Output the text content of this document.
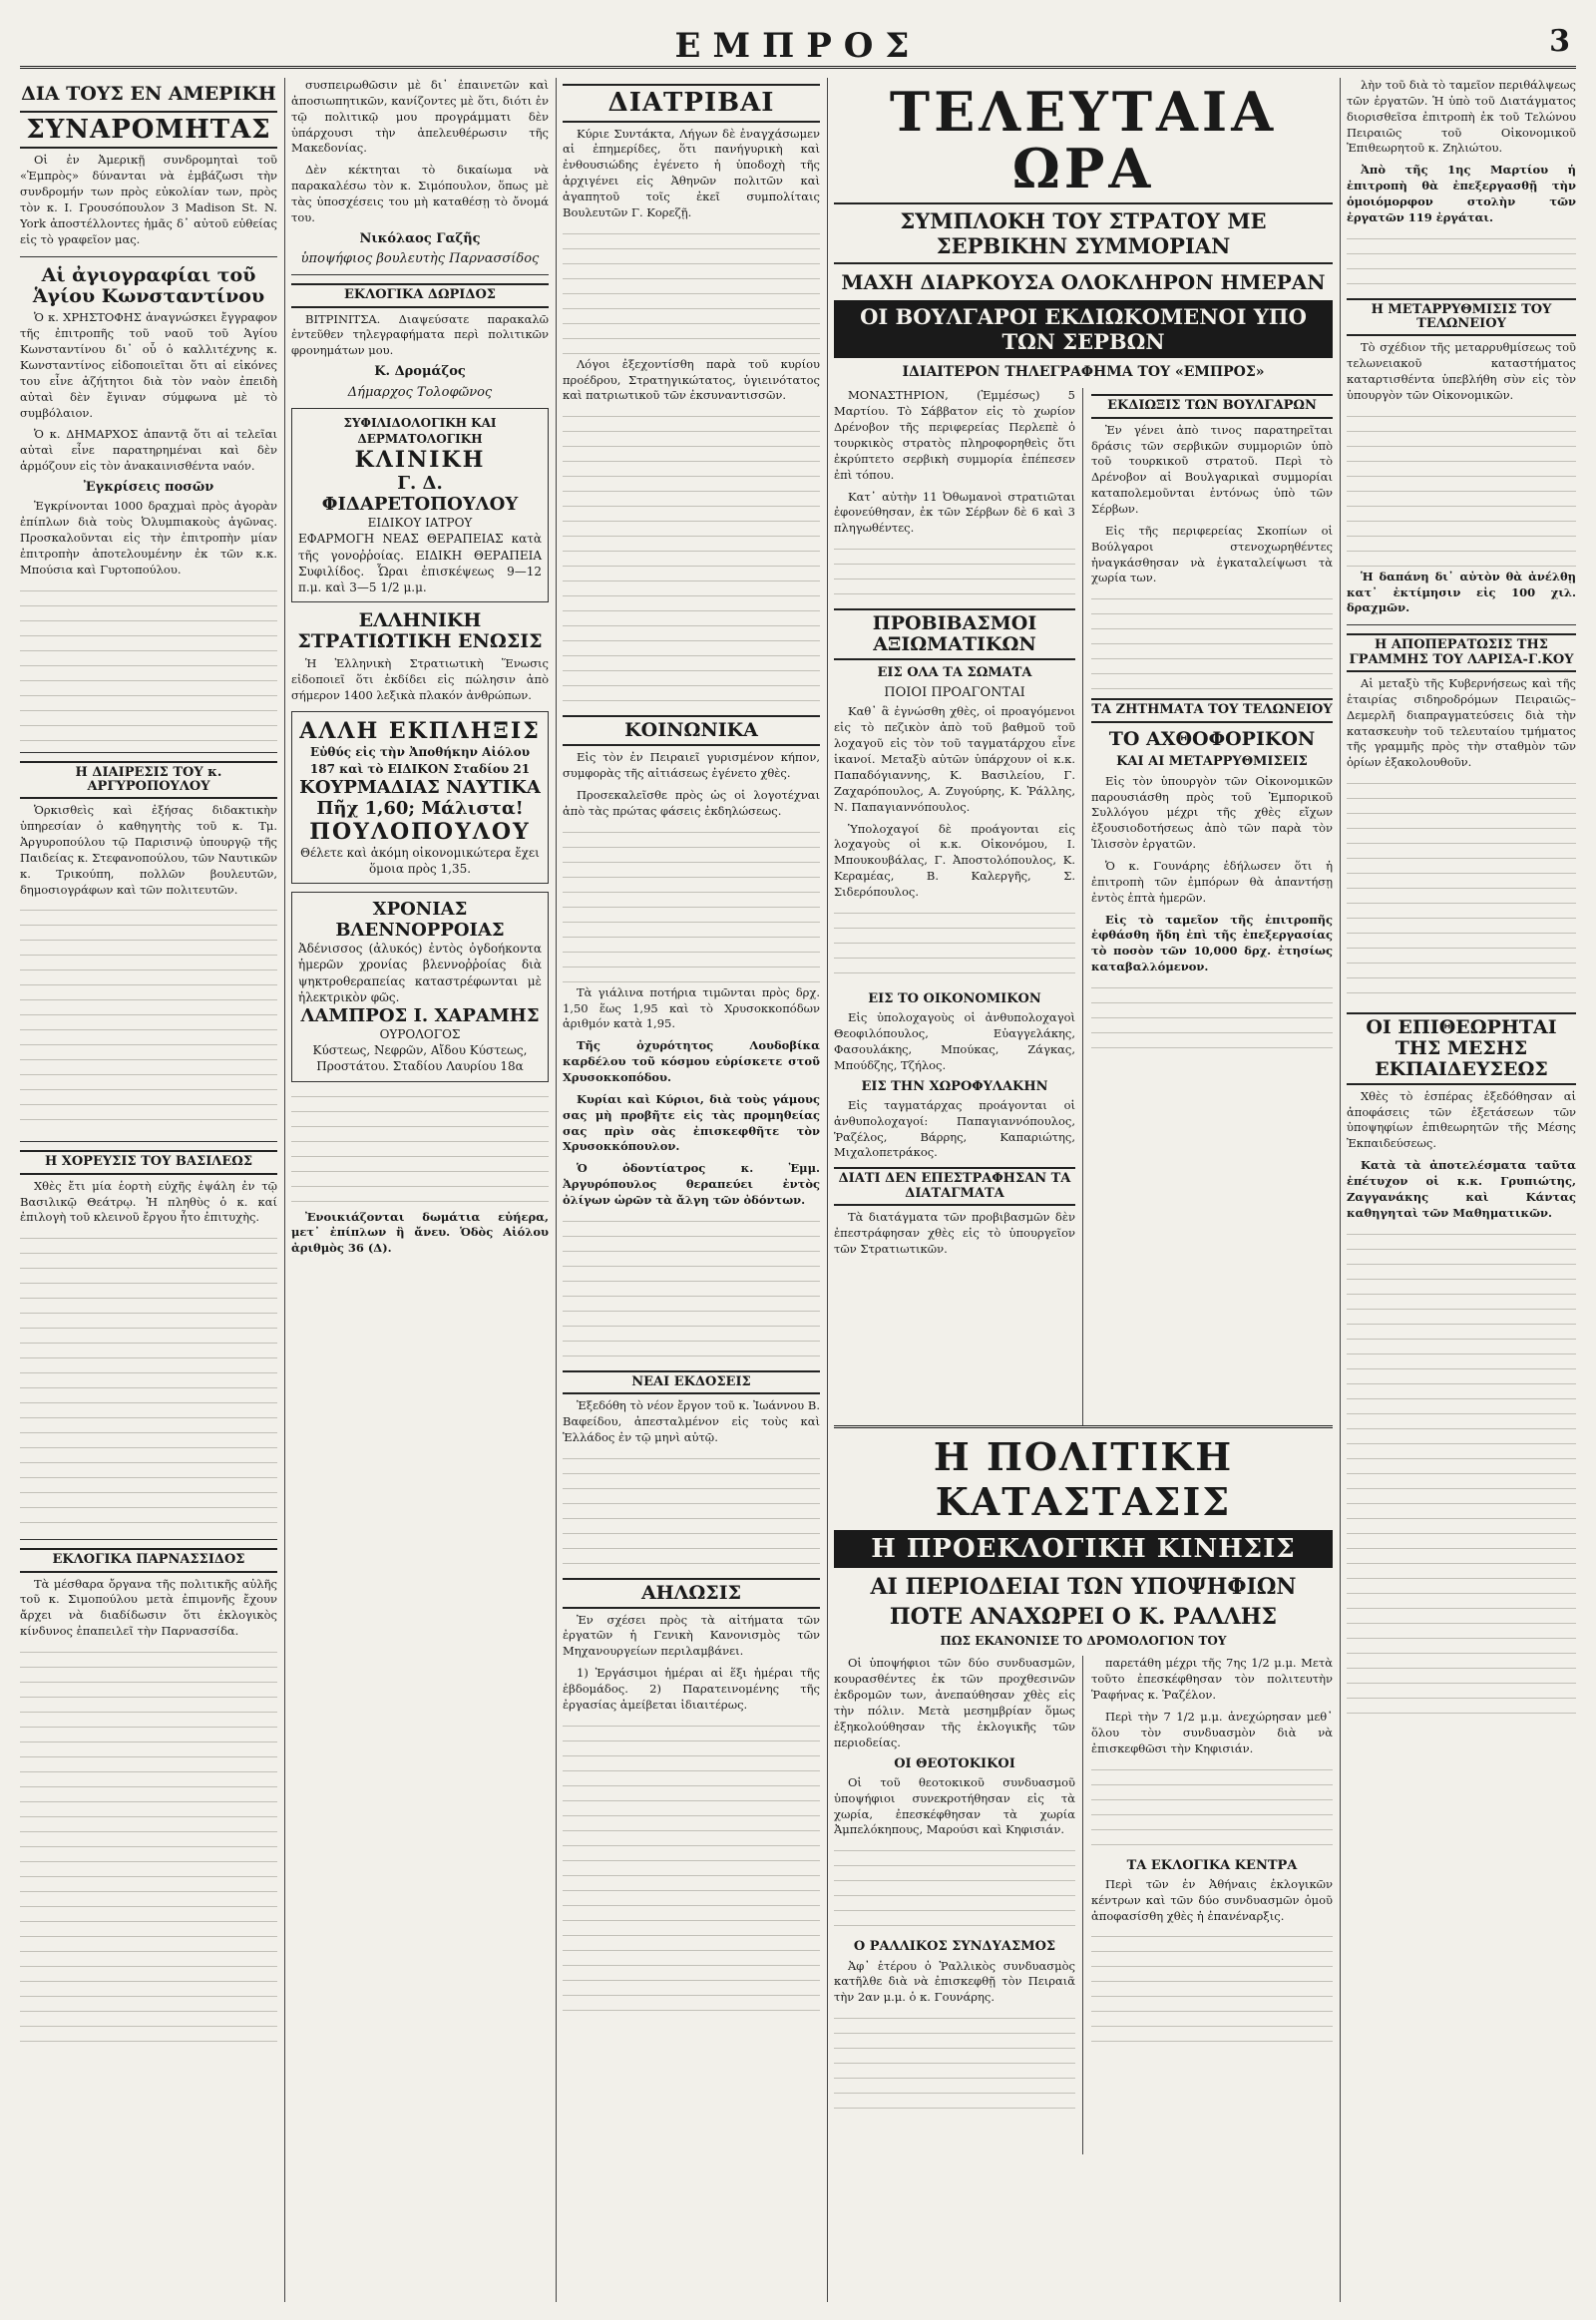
ΕΜΠΡΟΣ	3
ΔΙΑ ΤΟΥΣ ΕΝ ΑΜΕΡΙΚΗ
ΣΥΝΑΡΟΜΗΤΑΣ

Οἱ ἐν Ἀμερικῇ συνδρομηταὶ τοῦ «Ἐμπρὸς» δύνανται νὰ ἐμβάζωσι τὴν συνδρομήν των πρὸς εὐκολίαν των, πρὸς τὸν κ. Ι. Γρουσόπουλον 3 Madison St. N. York ἀποστέλλοντες ἡμᾶς δ᾽ αὐτοῦ εὐθείας εἰς τὸ γραφεῖον μας.

Αἱ ἀγιογραφίαι τοῦ Ἁγίου Κωνσταντίνου

Ὁ κ. ΧΡΗΣΤΟΦΗΣ ἀναγνώσκει ἔγγραφον τῆς ἐπιτροπῆς τοῦ ναοῦ τοῦ Ἁγίου Κωνσταντίνου δι᾽ οὗ ὁ καλλιτέχνης κ. Κωνσταντίνος εἰδοποιεῖται ὅτι αἱ εἰκόνες του εἶνε ἀζήτητοι διὰ τὸν ναὸν ἐπειδὴ αὐταὶ δὲν ἔγιναν σύμφωνα μὲ τὸ συμβόλαιον.

Ὁ κ. ΔΗΜΑΡΧΟΣ ἀπαντᾷ ὅτι αἱ τελεῖαι αὐταὶ εἶνε παρατηρημέναι καὶ δὲν ἁρμόζουν εἰς τὸν ἀνακαινισθέντα ναόν.

Ἐγκρίσεις ποσῶν

Ἐγκρίνονται 1000 δραχμαὶ πρὸς ἀγορὰν ἐπίπλων διὰ τοὺς Ὀλυμπιακοὺς ἀγῶνας. Προσκαλοῦνται εἰς τὴν ἐπιτροπὴν μίαν ἐπιτροπὴν ἀποτελουμένην ἐκ τῶν κ.κ. Μπούσια καὶ Γυρτοπούλου.

Η ΔΙΑΙΡΕΣΙΣ ΤΟΥ κ. ΑΡΓΥΡΟΠΟΥΛΟΥ

Ὁρκισθεὶς καὶ ἐξήσας διδακτικὴν ὑπηρεσίαν ὁ καθηγητὴς τοῦ κ. Τμ. Ἀργυροπούλου τῷ Παρισινῷ ὑπουργῷ τῆς Παιδείας κ. Στεφανοπούλου, τῶν Ναυτικῶν κ. Τρικούπη, πολλῶν βουλευτῶν, δημοσιογράφων καὶ τῶν πολιτευτῶν.

Η ΧΟΡΕΥΣΙΣ ΤΟΥ ΒΑΣΙΛΕΩΣ

Χθὲς ἔτι μία ἑορτὴ εὐχῆς ἐψάλη ἐν τῷ Βασιλικῷ Θεάτρῳ. Ἡ πληθὺς ὁ κ. καί ἐπιλογὴ τοῦ κλεινοῦ ἔργου ἦτο ἐπιτυχὴς.

ΕΚΛΟΓΙΚΑ ΠΑΡΝΑΣΣΙΔΟΣ

Τὰ μέσθαρα ὄργανα τῆς πολιτικῆς αὐλῆς τοῦ κ. Σιμοπούλου μετὰ ἐπιμονῆς ἔχουν ἄρχει νὰ διαδίδωσιν ὅτι ἐκλογικὸς κίνδυνος ἐπαπειλεῖ τὴν Παρνασσίδα.

συσπειρωθῶσιν μὲ δι᾽ ἐπαινετῶν καὶ ἀποσιωπητικῶν, κανίζοντες μὲ ὅτι, διότι ἐν τῷ πολιτικῷ μου προγράμματι δὲν ὑπάρχουσι τὴν ἀπελευθέρωσιν τῆς Μακεδονίας.

Δὲν κέκτηται τὸ δικαίωμα νὰ παρακαλέσω τὸν κ. Σιμόπουλον, ὅπως μὲ τὰς ὑποσχέσεις του μὴ καταθέσῃ τὸ ὄνομά του.

Νικόλαος Γαζῆς
ὑποψήφιος βουλευτὴς Παρνασσίδος
ΕΚΛΟΓΙΚΑ ΔΩΡΙΔΟΣ

ΒΙΤΡΙΝΙΤΣΑ. Διαψεύσατε παρακαλῶ ἐντεῦθεν τηλεγραφήματα περὶ πολιτικῶν φρονημάτων μου.

Κ. Δρομάζος
Δήμαρχος Τολοφῶνος
ΣΥΦΙΛΙΔΟΛΟΓΙΚΗ ΚΑΙ ΔΕΡΜΑΤΟΛΟΓΙΚΗ
ΚΛΙΝΙΚΗ
Γ. Δ. ΦΙΔΑΡΕΤΟΠΟΥΛΟΥ
ΕΙΔΙΚΟΥ ΙΑΤΡΟΥ
ΕΦΑΡΜΟΓΗ ΝΕΑΣ ΘΕΡΑΠΕΙΑΣ κατὰ τῆς γονοῤῥοίας. ΕΙΔΙΚΗ ΘΕΡΑΠΕΙΑ Συφιλίδος. Ὧραι ἐπισκέψεως 9—12 π.μ. καὶ 3—5 1/2 μ.μ.
ΕΛΛΗΝΙΚΗ ΣΤΡΑΤΙΩΤΙΚΗ ΕΝΩΣΙΣ

Ἡ Ἑλληνικὴ Στρατιωτικὴ Ἕνωσις εἰδοποιεῖ ὅτι ἐκδίδει εἰς πώλησιν ἀπὸ σήμερον 1400 λεξικὰ πλακόν ἀνθρώπων.

ΑΛΛΗ ΕΚΠΛΗΞΙΣ
Εὐθύς εἰς τὴν Ἀποθήκην Αἰόλου 187 καὶ τὸ ΕΙΔΙΚΟΝ Σταδίου 21
ΚΟΥΡΜΑΔΙΑΣ ΝΑΥΤΙΚΑ
Πῆχ 1,60; Μάλιστα!
ΠΟΥΛΟΠΟΥΛΟΥ
Θέλετε καὶ ἀκόμη οἰκονομικώτερα ἔχει ὅμοια πρὸς 1,35.
ΧΡΟΝΙΑΣ ΒΛΕΝΝΟΡΡΟΙΑΣ
Ἀδένισσος (ἀλυκός) ἐντὸς ὀγδοήκοντα ἡμερῶν χρονίας βλεννοῤῥοίας διὰ ψηκτροθεραπείας καταστρέφωνται μὲ ἠλεκτρικὸν φῶς.
ΛΑΜΠΡΟΣ Ι. ΧΑΡΑΜΗΣ
ΟΥΡΟΛΟΓΟΣ
Κύστεως, Νεφρῶν, Αἴδου Κύστεως, Προστάτου. Σταδίου Λαυρίου 18α

Ἐνοικιάζονται δωμάτια εὐήερα, μετ᾽ ἐπίπλων ἢ ἄνευ. Ὁδὸς Αἰόλου ἀριθμὸς 36 (Δ).

ΔΙΑΤΡΙΒΑΙ

Κύριε Συντάκτα, Λήγων δὲ ἐναγχάσωμεν αἱ ἐπημερίδες, ὅτι πανήγυρικὴ καὶ ἐνθουσιώδης ἐγένετο ἡ ὑποδοχὴ τῆς ἀρχιγένει εἰς Ἀθηνῶν πολιτῶν καὶ ἀγαπητοῦ τοῖς ἐκεῖ συμπολίταις Βουλευτῶν Γ. Κορεζῇ.

Λόγοι ἐξεχοντίσθη παρὰ τοῦ κυρίου προέδρου, Στρατηγικώτατος, ὑγιεινότατος καὶ πατριωτικοῦ τῶν ἐκσυναντισσῶν.

ΚΟΙΝΩΝΙΚΑ

Εἰς τὸν ἐν Πειραιεῖ γυρισμένον κήπον, συμφορὰς τῆς αἰτιάσεως ἐγένετο χθὲς.

Προσεκαλεῖσθε πρὸς ὡς οἱ λογοτέχναι ἀπὸ τὰς πρώτας φάσεις ἐκδηλώσεως.

Τὰ γιάλινα ποτήρια τιμῶνται πρὸς δρχ. 1,50 ἕως 1,95 καὶ τὸ Χρυσοκκοπόδων ἀριθμόν κατὰ 1,95.

Τῆς ὀχυρότητος Λουδοβίκα καρδέλου τοῦ κόσμου εὑρίσκετε στοῦ Χρυσοκκοπόδου.

Κυρίαι καὶ Κύριοι, διὰ τοὺς γάμους σας μὴ προβῆτε εἰς τὰς προμηθείας σας πρὶν σὰς ἐπισκεφθῆτε τὸν Χρυσοκκόπουλον.

Ὁ ὀδοντίατρος κ. Ἐμμ. Ἀργυρόπουλος θεραπεύει ἐντὸς ὀλίγων ὡρῶν τὰ ἄλγη τῶν ὀδόντων.

ΝΕΑΙ ΕΚΔΟΣΕΙΣ

Ἐξεδόθη τὸ νέον ἔργον τοῦ κ. Ἰωάννου Β. Βαφείδου, ἀπεσταλμένον εἰς τοὺς καὶ Ἑλλάδος ἐν τῷ μηνὶ αὐτῷ.

ΑΗΛΩΣΙΣ

Ἐν σχέσει πρὸς τὰ αἰτήματα τῶν ἐργατῶν ἡ Γενικὴ Κανονισμὸς τῶν Μηχανουργείων περιλαμβάνει.

1) Ἐργάσιμοι ἡμέραι αἱ ἕξι ἡμέραι τῆς ἑβδομάδος. 2) Παρατεινομένης τῆς ἐργασίας ἀμείβεται ἰδιαιτέρως.

ΤΕΛΕΥΤΑΙΑ ΩΡΑ
ΣΥΜΠΛΟΚΗ ΤΟΥ ΣΤΡΑΤΟΥ ΜΕ ΣΕΡΒΙΚΗΝ ΣΥΜΜΟΡΙΑΝ
ΜΑΧΗ ΔΙΑΡΚΟΥΣΑ ΟΛΟΚΛΗΡΟΝ ΗΜΕΡΑΝ
ΟΙ ΒΟΥΛΓΑΡΟΙ ΕΚΔΙΩΚΟΜΕΝΟΙ ΥΠΟ ΤΩΝ ΣΕΡΒΩΝ
ΙΔΙΑΙΤΕΡΟΝ ΤΗΛΕΓΡΑΦΗΜΑ ΤΟΥ «ΕΜΠΡΟΣ»

ΜΟΝΑΣΤΗΡΙΟΝ, (Ἐμμέσως) 5 Μαρτίου. Τὸ Σάββατον εἰς τὸ χωρίον Δρένοβον τῆς περιφερείας Περλεπὲ ὁ τουρκικὸς στρατὸς πληροφορηθεὶς ὅτι ἐκρύπτετο σερβικὴ συμμορία ἐπέπεσεν ἐπὶ τόπου.

Κατ᾽ αὐτὴν 11 Ὀθωμανοὶ στρατιῶται ἐφονεύθησαν, ἐκ τῶν Σέρβων δὲ 6 καὶ 3 πληγωθέντες.

ΠΡΟΒΙΒΑΣΜΟΙ ΑΞΙΩΜΑΤΙΚΩΝ
ΕΙΣ ΟΛΑ ΤΑ ΣΩΜΑΤΑ
ΠΟΙΟΙ ΠΡΟΑΓΟΝΤΑΙ

Καθ᾽ ἃ ἐγνώσθη χθὲς, οἱ προαγόμενοι εἰς τὸ πεζικὸν ἀπὸ τοῦ βαθμοῦ τοῦ λοχαγοῦ εἰς τὸν τοῦ ταγματάρχου εἶνε ἱκανοί. Μεταξὺ αὐτῶν ὑπάρχουν οἱ κ.κ. Παπαδόγιαννης, Κ. Βασιλείου, Γ. Ζαχαρόπουλος, Α. Ζυγούρης, Κ. Ῥάλλης, Ν. Παπαγιαννόπουλος.

Ὑπολοχαγοί δὲ προάγονται εἰς λοχαγοὺς οἱ κ.κ. Οἰκονόμου, Ι. Μπουκουβάλας, Γ. Ἀποστολόπουλος, Κ. Κεραμέας, Β. Καλεργῆς, Σ. Σιδερόπουλος.

ΕΙΣ ΤΟ ΟΙΚΟΝΟΜΙΚΟΝ

Εἰς ὑπολοχαγοὺς οἱ ἀνθυπολοχαγοὶ Θεοφιλόπουλος, Εὐαγγελάκης, Φασουλάκης, Μπούκας, Ζάγκας, Μπούδζης, Τζήλος.

ΕΙΣ ΤΗΝ ΧΩΡΟΦΥΛΑΚΗΝ

Εἰς ταγματάρχας προάγονται οἱ ἀνθυπολοχαγοί: Παπαγιαννόπουλος, Ῥαζέλος, Βάρρης, Καπαριώτης, Μιχαλοπετράκος.

ΔΙΑΤΙ ΔΕΝ ΕΠΕΣΤΡΑΦΗΣΑΝ ΤΑ ΔΙΑΤΑΓΜΑΤΑ

Τὰ διατάγματα τῶν προβιβασμῶν δὲν ἐπεστράφησαν χθὲς εἰς τὸ ὑπουργεῖον τῶν Στρατιωτικῶν.

ΕΚΔΙΩΞΙΣ ΤΩΝ ΒΟΥΛΓΑΡΩΝ

Ἐν γένει ἀπὸ τινος παρατηρεῖται δράσις τῶν σερβικῶν συμμοριῶν ὑπὸ τοῦ τουρκικοῦ στρατοῦ. Περὶ τὸ Δρένοβον αἱ Βουλγαρικαὶ συμμορίαι καταπολεμοῦνται ἐντόνως ὑπὸ τῶν Σέρβων.

Εἰς τῆς περιφερείας Σκοπίων οἱ Βούλγαροι στενοχωρηθέντες ἠναγκάσθησαν νὰ ἐγκαταλείψωσι τὰ χωρία των.

ΤΑ ΖΗΤΗΜΑΤΑ ΤΟΥ ΤΕΛΩΝΕΙΟΥ
ΤΟ ΑΧΘΟΦΟΡΙΚΟΝ
ΚΑΙ ΑΙ ΜΕΤΑΡΡΥΘΜΙΣΕΙΣ

Εἰς τὸν ὑπουργὸν τῶν Οἰκονομικῶν παρουσιάσθη πρὸς τοῦ Ἐμπορικοῦ Συλλόγου μέχρι τῆς χθὲς εἴχων ἐξουσιοδοτήσεως ἀπὸ τῶν παρὰ τὸν Ἰλισσὸν ἐργατῶν.

Ὁ κ. Γουνάρης ἐδήλωσεν ὅτι ἡ ἐπιτροπὴ τῶν ἐμπόρων θὰ ἀπαντήσῃ ἐντὸς ἐπτὰ ἡμερῶν.

Εἰς τὸ ταμεῖον τῆς ἐπιτροπῆς ἐφθάσθη ἤδη ἐπὶ τῆς ἐπεξεργασίας τὸ ποσὸν τῶν 10,000 δρχ. ἐτησίως καταβαλλόμενον.

Η ΠΟΛΙΤΙΚΗ ΚΑΤΑΣΤΑΣΙΣ
Η ΠΡΟΕΚΛΟΓΙΚΗ ΚΙΝΗΣΙΣ
ΑΙ ΠΕΡΙΟΔΕΙΑΙ ΤΩΝ ΥΠΟΨΗΦΙΩΝ
ΠΟΤΕ ΑΝΑΧΩΡΕΙ Ο Κ. ΡΑΛΛΗΣ
ΠΩΣ ΕΚΑΝΟΝΙΣΕ ΤΟ ΔΡΟΜΟΛΟΓΙΟΝ ΤΟΥ

Οἱ ὑποψήφιοι τῶν δύο συνδυασμῶν, κουρασθέντες ἐκ τῶν προχθεσινῶν ἐκδρομῶν των, ἀνεπαύθησαν χθὲς εἰς τὴν πόλιν. Μετὰ μεσημβρίαν ὅμως ἐξηκολούθησαν τῆς ἐκλογικῆς τῶν περιοδείας.

ΟΙ ΘΕΟΤΟΚΙΚΟΙ

Οἱ τοῦ θεοτοκικοῦ συνδυασμοῦ ὑποψήφιοι συνεκροτήθησαν εἰς τὰ χωρία, ἐπεσκέφθησαν τὰ χωρία Ἀμπελόκηπους, Μαρούσι καὶ Κηφισιάν.

Ο ΡΑΛΛΙΚΟΣ ΣΥΝΔΥΑΣΜΟΣ

Ἀφ᾽ ἑτέρου ὁ Ῥαλλικὸς συνδυασμὸς κατῆλθε διὰ νὰ ἐπισκεφθῇ τὸν Πειραιᾶ τὴν 2αν μ.μ. ὁ κ. Γουνάρης.

παρετάθη μέχρι τῆς 7ης 1/2 μ.μ. Μετὰ τοῦτο ἐπεσκέφθησαν τὸν πολιτευτὴν Ῥαφήνας κ. Ῥαζέλον.

Περὶ τὴν 7 1/2 μ.μ. ἀνεχώρησαν μεθ᾽ ὅλου τὸν συνδυασμὸν διὰ νὰ ἐπισκεφθῶσι τὴν Κηφισιάν.

ΤΑ ΕΚΛΟΓΙΚΑ ΚΕΝΤΡΑ

Περὶ τῶν ἐν Ἀθήναις ἐκλογικῶν κέντρων καὶ τῶν δύο συνδυασμῶν ὁμοῦ ἀποφασίσθη χθὲς ἡ ἐπανέναρξις.

λὴν τοῦ διὰ τὸ ταμεῖον περιθάλψεως τῶν ἐργατῶν. Ἡ ὑπὸ τοῦ Διατάγματος διορισθεῖσα ἐπιτροπὴ ἐκ τοῦ Τελώνου Πειραιῶς τοῦ Οἰκονομικοῦ Ἐπιθεωρητοῦ κ. Ζηλιώτου.

Ἀπὸ τῆς 1ης Μαρτίου ἡ ἐπιτροπὴ θὰ ἐπεξεργασθῇ τὴν ὁμοιόμορφον στολὴν τῶν ἐργατῶν 119 ἐργάται.

Η ΜΕΤΑΡΡΥΘΜΙΣΙΣ ΤΟΥ ΤΕΛΩΝΕΙΟΥ

Τὸ σχέδιον τῆς μεταρρυθμίσεως τοῦ τελωνειακοῦ καταστήματος καταρτισθέντα ὑπεβλήθη σὺν εἰς τὸν ὑπουργὸν τῶν Οἰκονομικῶν.

Ἡ δαπάνη δι᾽ αὐτὸν θὰ ἀνέλθῃ κατ᾽ ἐκτίμησιν εἰς 100 χιλ. δραχμῶν.

Η ΑΠΟΠΕΡΑΤΩΣΙΣ ΤΗΣ ΓΡΑΜΜΗΣ ΤΟΥ ΛΑΡΙΣΑ-Γ.ΚΟΥ

Αἱ μεταξὺ τῆς Κυβερνήσεως καὶ τῆς ἑταιρίας σιδηροδρόμων Πειραιῶς–Δεμερλῆ διαπραγματεύσεις διὰ τὴν κατασκευὴν τοῦ τελευταίου τμήματος τῆς γραμμῆς πρὸς τὴν σταθμὸν τῶν ὁρίων ἐξακολουθοῦν.

ΟΙ ΕΠΙΘΕΩΡΗΤΑΙ ΤΗΣ ΜΕΣΗΣ ΕΚΠΑΙΔΕΥΣΕΩΣ

Χθὲς τὸ ἑσπέρας ἐξεδόθησαν αἱ ἀποφάσεις τῶν ἐξετάσεων τῶν ὑποψηφίων ἐπιθεωρητῶν τῆς Μέσης Ἐκπαιδεύσεως.

Κατὰ τὰ ἀποτελέσματα ταῦτα ἐπέτυχον οἱ κ.κ. Γρυπιώτης, Ζαγγανάκης καὶ Κάντας καθηγηταὶ τῶν Μαθηματικῶν.
